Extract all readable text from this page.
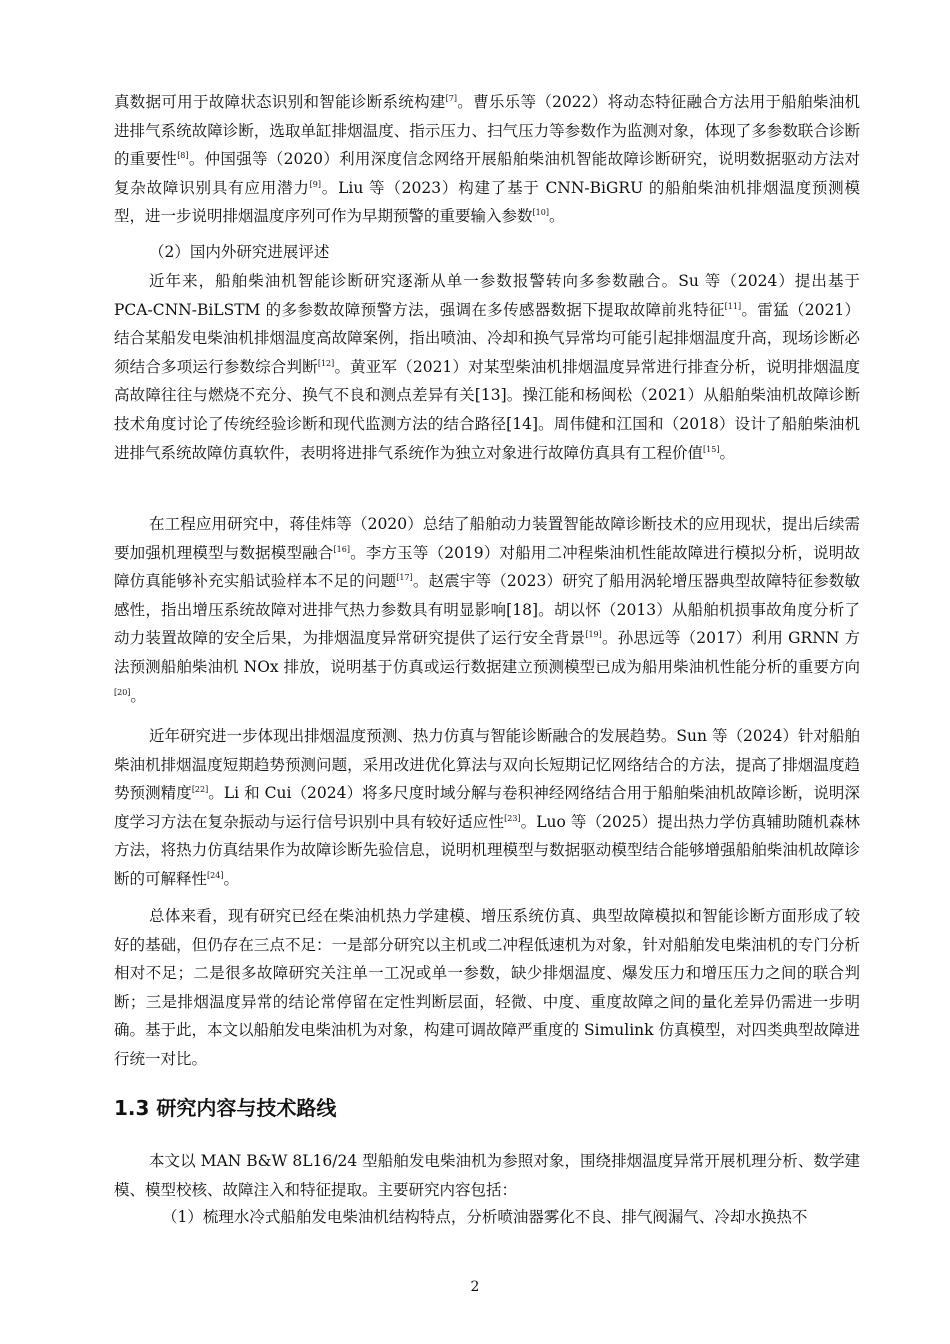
真数据可用于故障状态识别和智能诊断系统构建[7]。曹乐乐等（2022）将动态特征融合方法用于船舶柴油机进排气系统故障诊断，选取单缸排烟温度、指示压力、扫气压力等参数作为监测对象，体现了多参数联合诊断的重要性[8]。仲国强等（2020）利用深度信念网络开展船舶柴油机智能故障诊断研究，说明数据驱动方法对复杂故障识别具有应用潜力[9]。Liu 等（2023）构建了基于 CNN-BiGRU 的船舶柴油机排烟温度预测模型，进一步说明排烟温度序列可作为早期预警的重要输入参数[10]。

（2）国内外研究进展评述

近年来，船舶柴油机智能诊断研究逐渐从单一参数报警转向多参数融合。Su 等（2024）提出基于 PCA-CNN-BiLSTM 的多参数故障预警方法，强调在多传感器数据下提取故障前兆特征[11]。雷猛（2021）结合某船发电柴油机排烟温度高故障案例，指出喷油、冷却和换气异常均可能引起排烟温度升高，现场诊断必须结合多项运行参数综合判断[12]。黄亚军（2021）对某型柴油机排烟温度异常进行排查分析，说明排烟温度高故障往往与燃烧不充分、换气不良和测点差异有关[13]。操江能和杨闽松（2021）从船舶柴油机故障诊断技术角度讨论了传统经验诊断和现代监测方法的结合路径[14]。周伟健和江国和（2018）设计了船舶柴油机进排气系统故障仿真软件，表明将进排气系统作为独立对象进行故障仿真具有工程价值[15]。

在工程应用研究中，蒋佳炜等（2020）总结了船舶动力装置智能故障诊断技术的应用现状，提出后续需要加强机理模型与数据模型融合[16]。李方玉等（2019）对船用二冲程柴油机性能故障进行模拟分析，说明故障仿真能够补充实船试验样本不足的问题[17]。赵震宇等（2023）研究了船用涡轮增压器典型故障特征参数敏感性，指出增压系统故障对进排气热力参数具有明显影响[18]。胡以怀（2013）从船舶机损事故角度分析了动力装置故障的安全后果，为排烟温度异常研究提供了运行安全背景[19]。孙思远等（2017）利用 GRNN 方法预测船舶柴油机 NOx 排放，说明基于仿真或运行数据建立预测模型已成为船用柴油机性能分析的重要方向[20]。

近年研究进一步体现出排烟温度预测、热力仿真与智能诊断融合的发展趋势。Sun 等（2024）针对船舶柴油机排烟温度短期趋势预测问题，采用改进优化算法与双向长短期记忆网络结合的方法，提高了排烟温度趋势预测精度[22]。Li 和 Cui（2024）将多尺度时域分解与卷积神经网络结合用于船舶柴油机故障诊断，说明深度学习方法在复杂振动与运行信号识别中具有较好适应性[23]。Luo 等（2025）提出热力学仿真辅助随机森林方法，将热力仿真结果作为故障诊断先验信息，说明机理模型与数据驱动模型结合能够增强船舶柴油机故障诊断的可解释性[24]。

总体来看，现有研究已经在柴油机热力学建模、增压系统仿真、典型故障模拟和智能诊断方面形成了较好的基础，但仍存在三点不足：一是部分研究以主机或二冲程低速机为对象，针对船舶发电柴油机的专门分析相对不足；二是很多故障研究关注单一工况或单一参数，缺少排烟温度、爆发压力和增压压力之间的联合判断；三是排烟温度异常的结论常停留在定性判断层面，轻微、中度、重度故障之间的量化差异仍需进一步明确。基于此，本文以船舶发电柴油机为对象，构建可调故障严重度的 Simulink 仿真模型，对四类典型故障进行统一对比。

1.3 研究内容与技术路线

本文以 MAN B&W 8L16/24 型船舶发电柴油机为参照对象，围绕排烟温度异常开展机理分析、数学建模、模型校核、故障注入和特征提取。主要研究内容包括：

（1）梳理水冷式船舶发电柴油机结构特点，分析喷油器雾化不良、排气阀漏气、冷却水换热不

2
